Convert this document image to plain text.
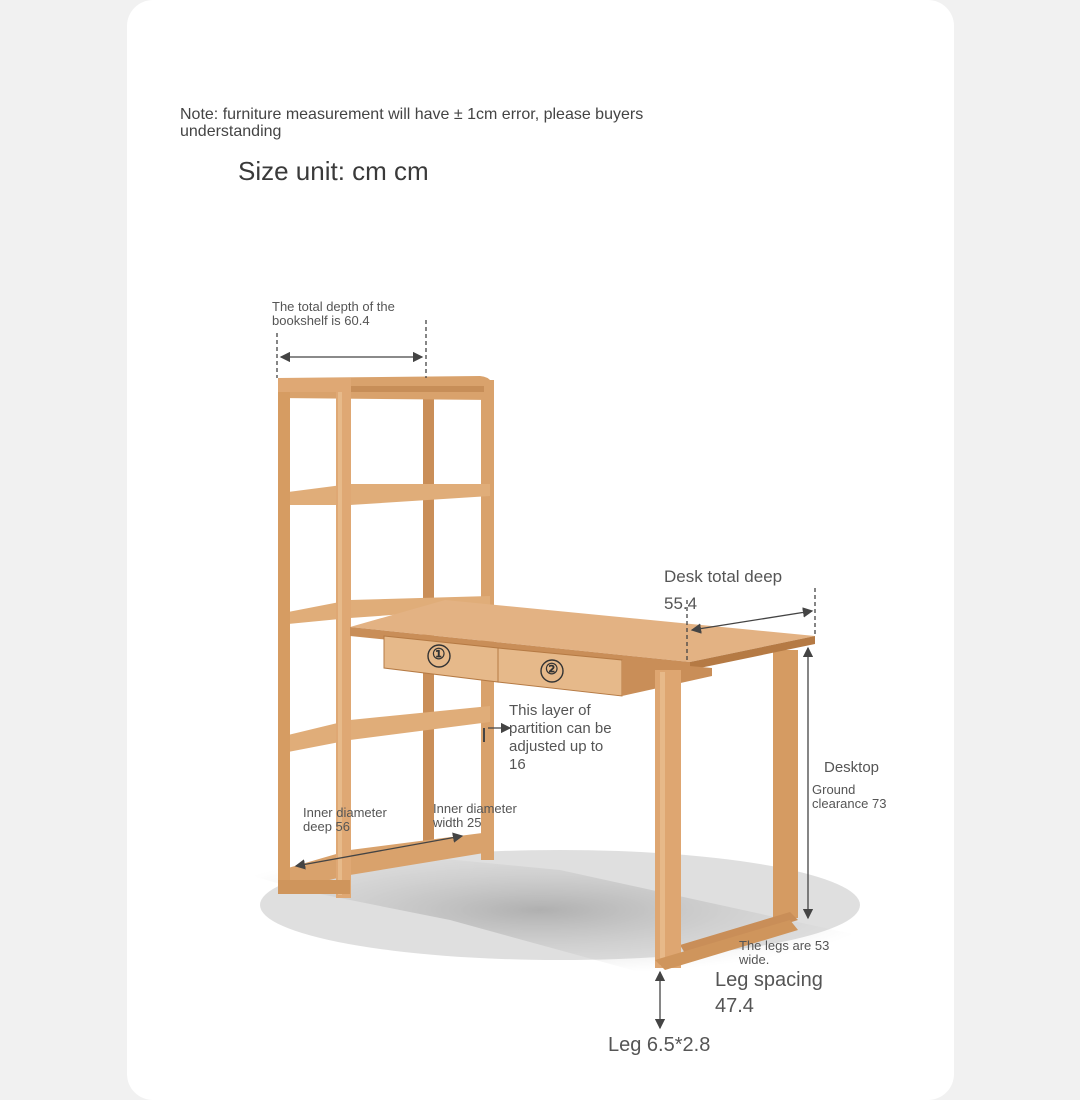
Note: furniture measurement will have ± 1cm error, please buyers understanding
Size unit: cm cm
①
②
The total depth of the bookshelf is 60.4
Desk total deep
55.4
This layer of partition can be adjusted up to 16	Desktop
Ground clearance 73
Inner diameter deep 56
Inner diameter width 25
The legs are 53 wide.
Leg spacing
47.4
Leg 6.5*2.8
